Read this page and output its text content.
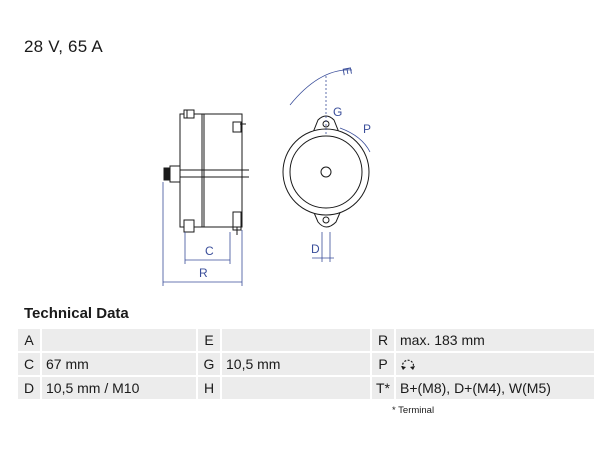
28 V, 65 A
C
R
E
G
P
D
Technical Data
A				E				R		max. 183 mm
C		67 mm		G		10,5 mm		P		
D		10,5 mm / M10		H				T*		B+(M8), D+(M4), W(M5)
* Terminal
